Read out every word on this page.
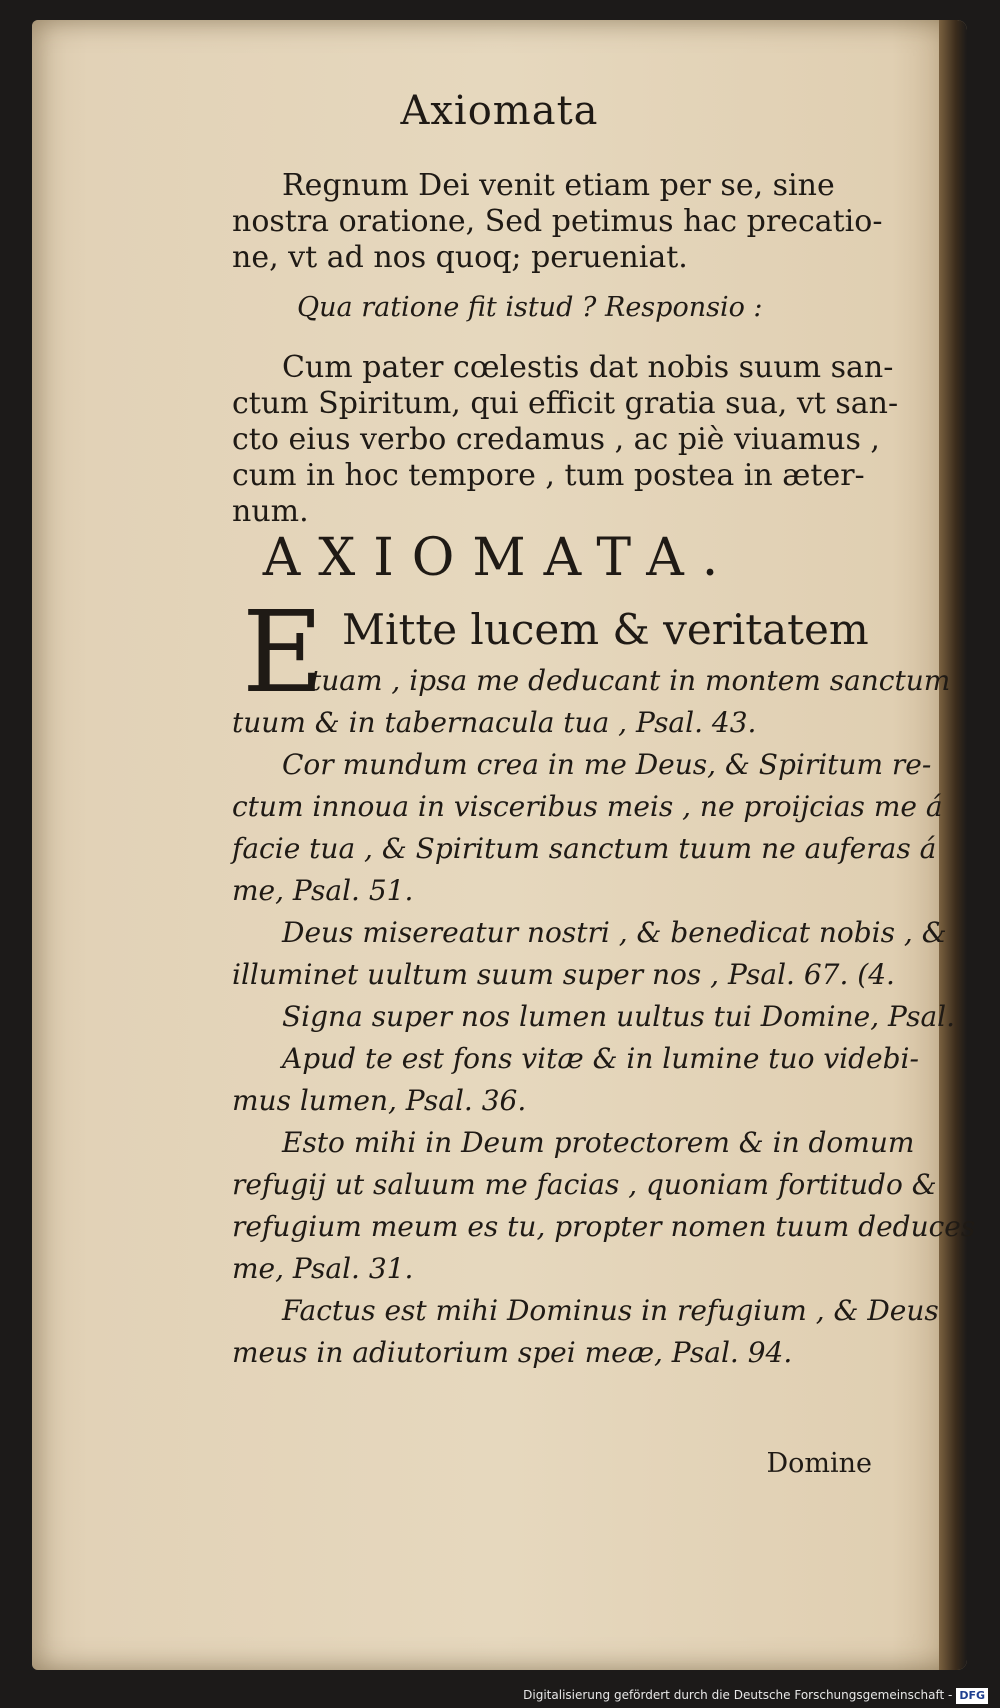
Axiomata
Regnum Dei venit etiam per se, sine
nostra oratione, Sed petimus hac precatio-
ne, vt ad nos quoq; perueniat.
Qua ratione fit istud ? Responsio :
Cum pater cœlestis dat nobis suum san-
ctum Spiritum, qui efficit gratia sua, vt san-
cto eius verbo credamus , ac piè viuamus ,
cum in hoc tempore , tum postea in æter-
num.
AXIOMATA.
E Mitte lucem & veritatem
tuam , ipsa me deducant in montem sanctum
tuum & in tabernacula tua , Psal. 43.
Cor mundum crea in me Deus, & Spiritum re-
ctum innoua in visceribus meis , ne proijcias me á
facie tua , & Spiritum sanctum tuum ne auferas á
me, Psal. 51.
Deus misereatur nostri , & benedicat nobis , &
illuminet uultum suum super nos , Psal. 67. (4.
Signa super nos lumen uultus tui Domine, Psal.
Apud te est fons vitæ & in lumine tuo videbi-
mus lumen, Psal. 36.
Esto mihi in Deum protectorem & in domum
refugij ut saluum me facias , quoniam fortitudo &
refugium meum es tu, propter nomen tuum deduces
me, Psal. 31.
Factus est mihi Dominus in refugium , & Deus
meus in adiutorium spei meæ, Psal. 94.
Domine
Digitalisierung gefördert durch die Deutsche Forschungsgemeinschaft - DFG
